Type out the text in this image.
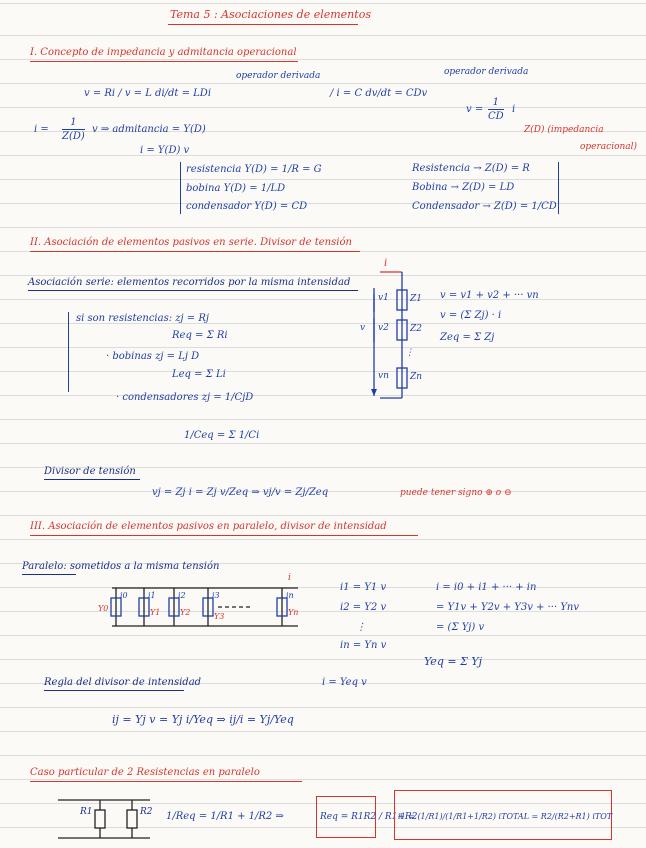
Tema 5 : Asociaciones de elementos
I. Concepto de impedancia y admitancia operacional
operador derivada	operador derivada
v = Ri / v = L di/dt = LDi	/ i = C dv/dt = CDv
v =
1
CD
i
Z(D) (impedancia
operacional)
i =
1
Z(D)
v ⇒ admitancia = Y(D)
i = Y(D) v
resistencia Y(D) = 1/R = G
bobina Y(D) = 1/LD
condensador Y(D) = CD
Resistencia → Z(D) = R
Bobina → Z(D) = LD
Condensador → Z(D) = 1/CD
II. Asociación de elementos pasivos en serie. Divisor de tensión
Asociación serie: elementos recorridos por la misma intensidad
si son resistencias: zj = Rj
Req = Σ Ri
· bobinas zj = Lj D
Leq = Σ Li
· condensadores zj = 1/CjD
1/Ceq = Σ 1/Ci
i
v1
v2
v
vn
Z1
Z2
Zn
⋮
v = v1 + v2 + ··· vn
v = (Σ Zj) · i
Zeq = Σ Zj
Divisor de tensión
vj = Zj i = Zj v/Zeq ⇒ vj/v = Zj/Zeq	puede tener signo ⊕ o ⊖
III. Asociación de elementos pasivos en paralelo, divisor de intensidad
Paralelo: sometidos a la misma tensión
i
i0	i1	i2	i3	in
Y0	Y1 Y2	Y3	Yn
i1 = Y1 v
i2 = Y2 v
⋮
in = Yn v
i = i0 + i1 + ··· + in
= Y1v + Y2v + Y3v + ··· Ynv
= (Σ Yj) v
Yeq = Σ Yj
Regla del divisor de intensidad	i = Yeq v
ij = Yj v = Yj i/Yeq ⇒ ij/i = Yj/Yeq
Caso particular de 2 Resistencias en paralelo
R1	R2 1/Req = 1/R1 + 1/R2 ⇒	Req = R1R2 / R1+R2
i1 = (1/R1)/(1/R1+1/R2) iTOTAL = R2/(R2+R1) iTOT
